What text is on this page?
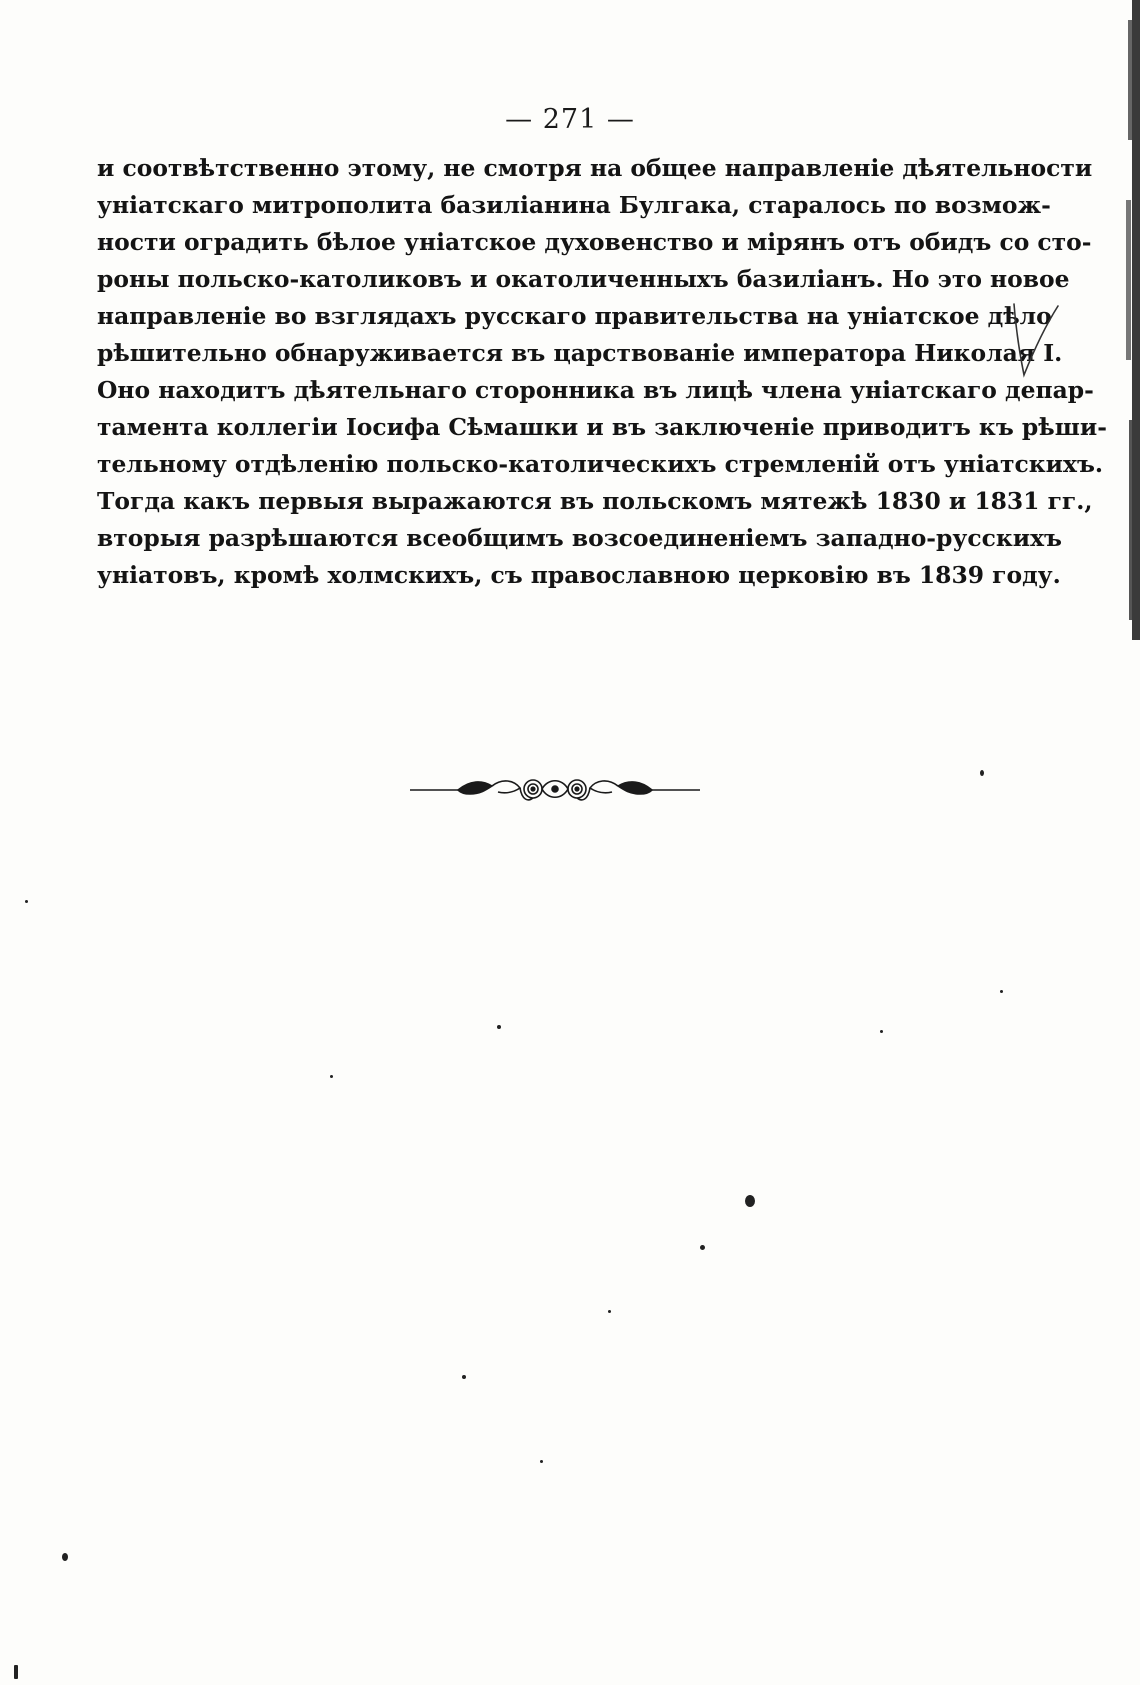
— 271 —
и соотвѣтственно этому, не смотря на общее направленіе дѣятельности
уніатскаго митрополита базиліанина Булгака, старалось по возмож-
ности оградить бѣлое уніатское духовенство и мірянъ отъ обидъ со сто-
роны польско-католиковъ и окатоличенныхъ базиліанъ. Но это новое
направленіе во взглядахъ русскаго правительства на уніатское дѣло
рѣшительно обнаруживается въ царствованіе императора Николая I.
Оно находитъ дѣятельнаго сторонника въ лицѣ члена уніатскаго депар-
тамента коллегіи Іосифа Сѣмашки и въ заключеніе приводитъ къ рѣши-
тельному отдѣленію польско-католическихъ стремленій отъ уніатскихъ.
Тогда какъ первыя выражаются въ польскомъ мятежѣ 1830 и 1831 гг.,
вторыя разрѣшаются всеобщимъ возсоединеніемъ западно-русскихъ
уніатовъ, кромѣ холмскихъ, съ православною церковію въ 1839 году.
